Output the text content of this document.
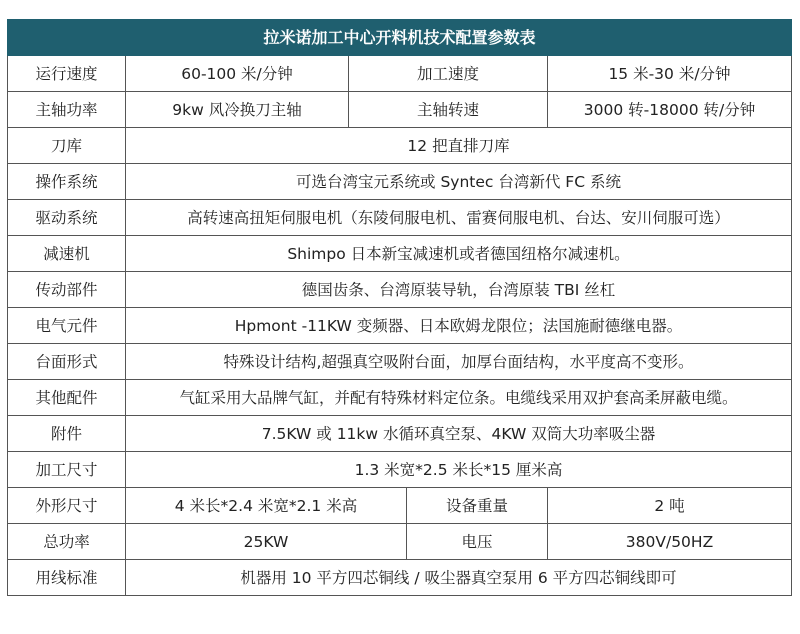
拉米诺加工中心开料机技术配置参数表				
运行速度	60-100 米/分钟	加工速度		15 米-30 米/分钟
主轴功率	9kw 风冷换刀主轴	主轴转速		3000 转-18000 转/分钟
刀库	12 把直排刀库			
操作系统	可选台湾宝元系统或 Syntec 台湾新代 FC 系统			
驱动系统	高转速高扭矩伺服电机（东陵伺服电机、雷赛伺服电机、台达、安川伺服可选）			
减速机	Shimpo 日本新宝减速机或者德国纽格尔减速机。			
传动部件	德国齿条、台湾原装导轨，台湾原装 TBI 丝杠			
电气元件	Hpmont -11KW 变频器、日本欧姆龙限位；法国施耐德继电器。			
台面形式	特殊设计结构,超强真空吸附台面，加厚台面结构，水平度高不变形。			
其他配件	气缸采用大品牌气缸，并配有特殊材料定位条。电缆线采用双护套高柔屏蔽电缆。			
附件	7.5KW 或 11kw 水循环真空泵、4KW 双筒大功率吸尘器			
加工尺寸	1.3 米宽*2.5 米长*15 厘米高			
外形尺寸	4 米长*2.4 米宽*2.1 米高		设备重量	2 吨
总功率	25KW		电压	380V/50HZ
用线标准	机器用 10 平方四芯铜线 / 吸尘器真空泵用 6 平方四芯铜线即可			
